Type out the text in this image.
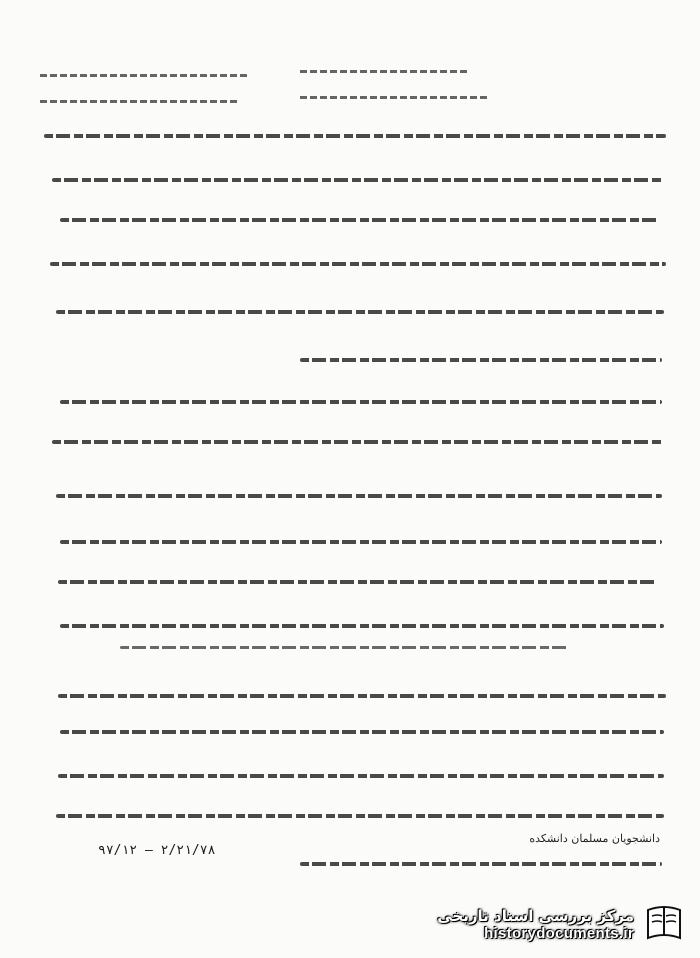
دانشجویان مسلمان دانشکده
۹۷/۱۲ — ۲/۲۱/۷۸
مرکز بررسی اسناد تاریخی
historydocuments.ir
